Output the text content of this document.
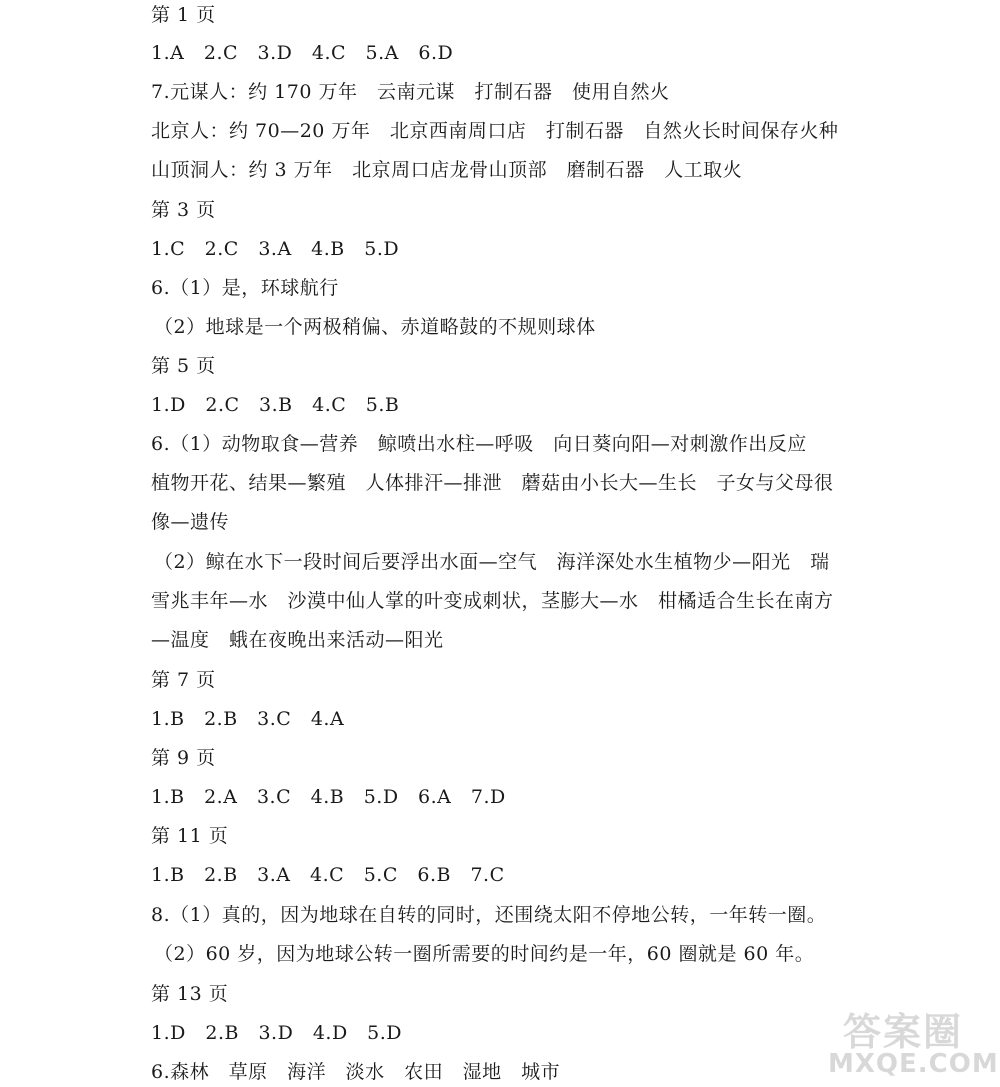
第 1 页
1.A　2.C　3.D　4.C　5.A　6.D
7.元谋人：约 170 万年　云南元谋　打制石器　使用自然火
北京人：约 70—20 万年　北京西南周口店　打制石器　自然火长时间保存火种
山顶洞人：约 3 万年　北京周口店龙骨山顶部　磨制石器　人工取火
第 3 页
1.C　2.C　3.A　4.B　5.D
6.（1）是，环球航行
（2）地球是一个两极稍偏、赤道略鼓的不规则球体
第 5 页
1.D　2.C　3.B　4.C　5.B
6.（1）动物取食—营养　鲸喷出水柱—呼吸　向日葵向阳—对刺激作出反应
植物开花、结果—繁殖　人体排汗—排泄　蘑菇由小长大—生长　子女与父母很
像—遗传
（2）鲸在水下一段时间后要浮出水面—空气　海洋深处水生植物少—阳光　瑞
雪兆丰年—水　沙漠中仙人掌的叶变成刺状，茎膨大—水　柑橘适合生长在南方
—温度　蛾在夜晚出来活动—阳光
第 7 页
1.B　2.B　3.C　4.A
第 9 页
1.B　2.A　3.C　4.B　5.D　6.A　7.D
第 11 页
1.B　2.B　3.A　4.C　5.C　6.B　7.C
8.（1）真的，因为地球在自转的同时，还围绕太阳不停地公转，一年转一圈。
（2）60 岁，因为地球公转一圈所需要的时间约是一年，60 圈就是 60 年。
第 13 页
1.D　2.B　3.D　4.D　5.D
6.森林　草原　海洋　淡水　农田　湿地　城市
答案圈
MXQE.COM
